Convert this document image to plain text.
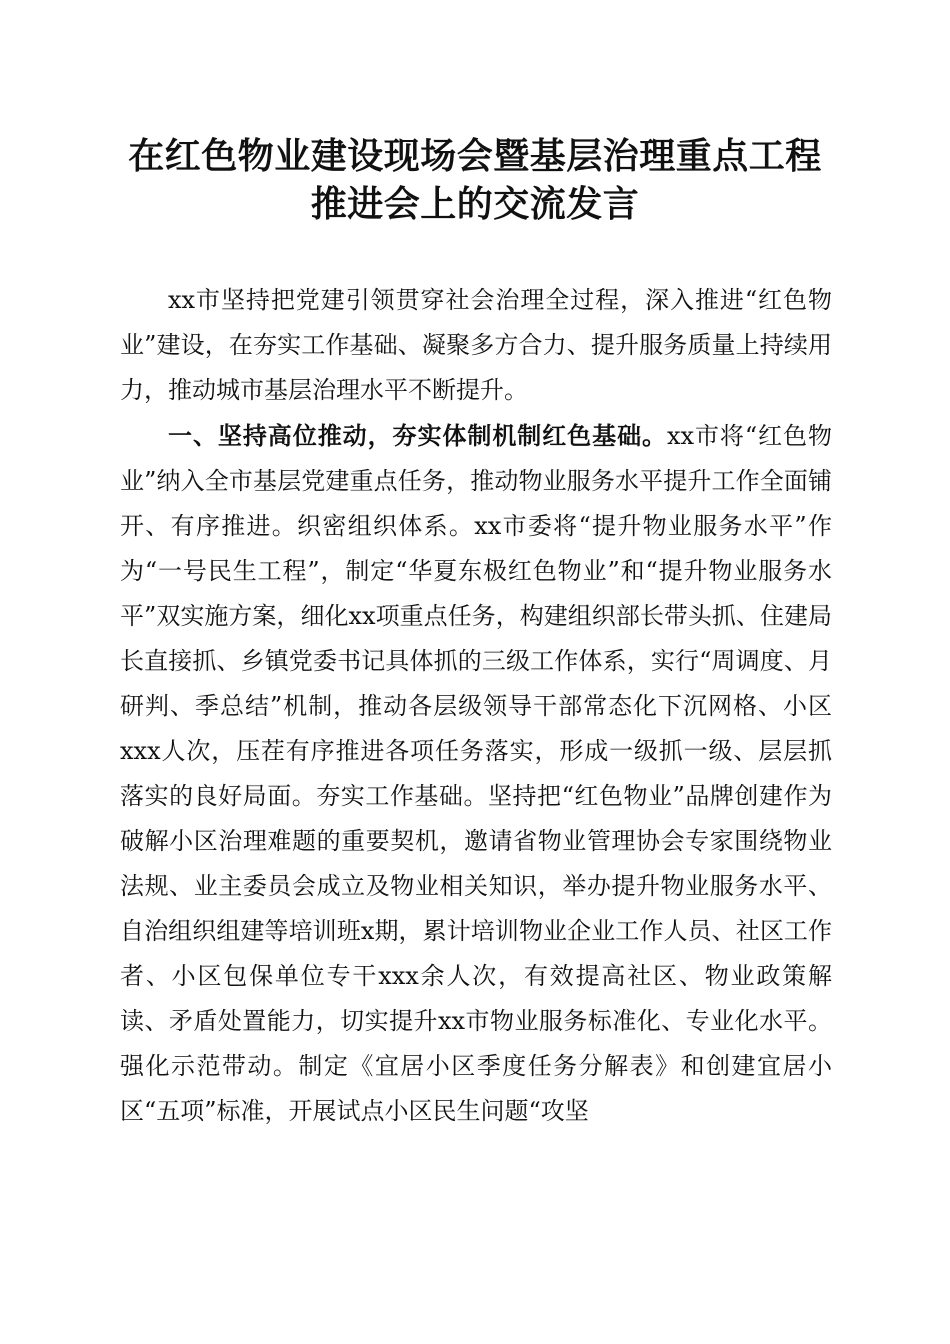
在红色物业建设现场会暨基层治理重点工程推进会上的交流发言

xx市坚持把党建引领贯穿社会治理全过程，深入推进“红色物业”建设，在夯实工作基础、凝聚多方合力、提升服务质量上持续用力，推动城市基层治理水平不断提升。

一、坚持高位推动，夯实体制机制红色基础。xx市将“红色物业”纳入全市基层党建重点任务，推动物业服务水平提升工作全面铺开、有序推进。织密组织体系。xx市委将“提升物业服务水平”作为“一号民生工程”，制定“华夏东极红色物业”和“提升物业服务水平”双实施方案，细化xx项重点任务，构建组织部长带头抓、住建局长直接抓、乡镇党委书记具体抓的三级工作体系，实行“周调度、月研判、季总结”机制，推动各层级领导干部常态化下沉网格、小区xxx人次，压茬有序推进各项任务落实，形成一级抓一级、层层抓落实的良好局面。夯实工作基础。坚持把“红色物业”品牌创建作为破解小区治理难题的重要契机，邀请省物业管理协会专家围绕物业法规、业主委员会成立及物业相关知识，举办提升物业服务水平、自治组织组建等培训班x期，累计培训物业企业工作人员、社区工作者、小区包保单位专干xxx余人次，有效提高社区、物业政策解读、矛盾处置能力，切实提升xx市物业服务标准化、专业化水平。强化示范带动。制定《宜居小区季度任务分解表》和创建宜居小区“五项”标准，开展试点小区民生问题“攻坚
